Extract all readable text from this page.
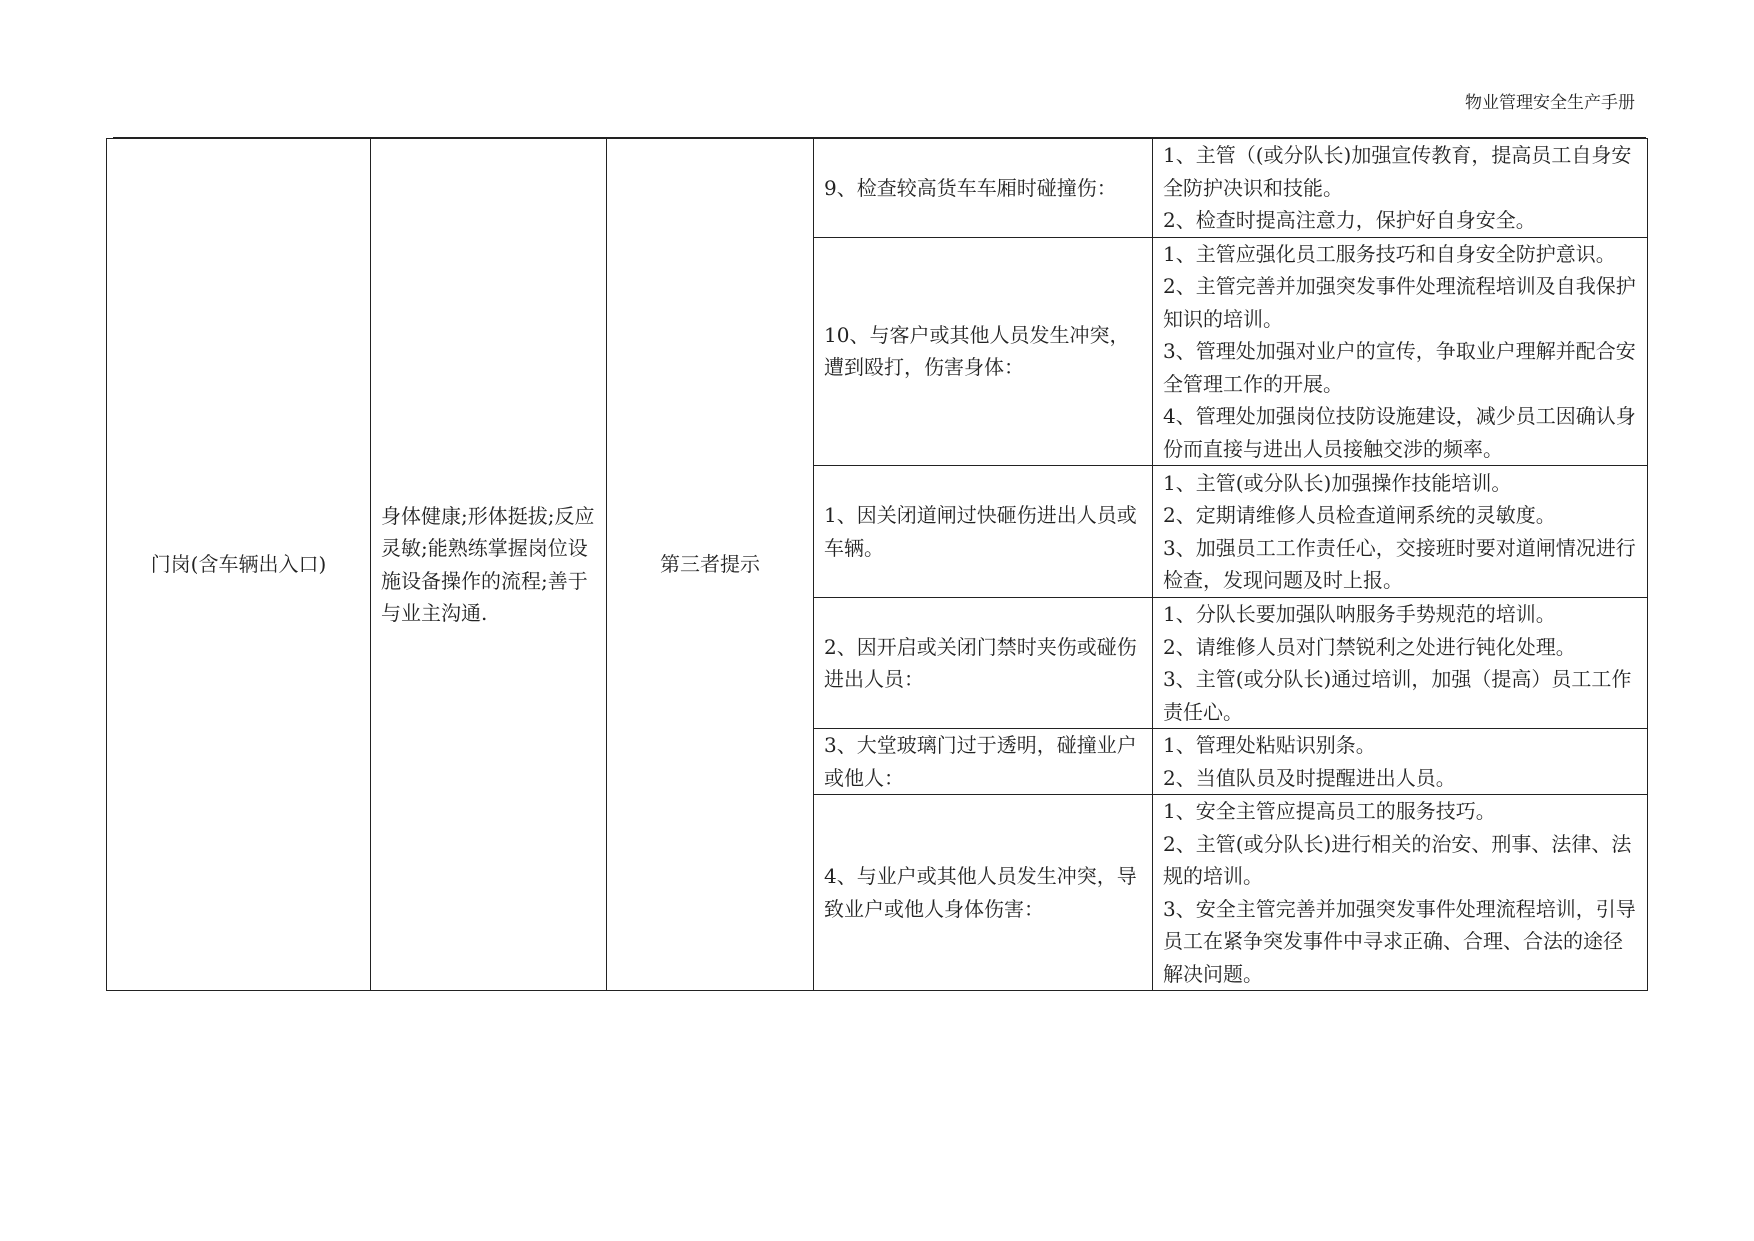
物业管理安全生产手册
门岗(含车辆出入口)	身体健康;形体挺拔;反应灵敏;能熟练掌握岗位设施设备操作的流程;善于与业主沟通.	第三者提示	9、检查较高货车车厢时碰撞伤：	1、主管（(或分队长)加强宣传教育，提高员工自身安全防护决识和技能。
2、检查时提高注意力，保护好自身安全。

			10、与客户或其他人员发生冲突，遭到殴打，伤害身体：	1、主管应强化员工服务技巧和自身安全防护意识。
2、主管完善并加强突发事件处理流程培训及自我保护知识的培训。
3、管理处加强对业户的宣传，争取业户理解并配合安全管理工作的开展。
4、管理处加强岗位技防设施建设，减少员工因确认身份而直接与进出人员接触交涉的频率。

			1、因关闭道闸过快砸伤进出人员或车辆。	1、主管(或分队长)加强操作技能培训。
2、定期请维修人员检查道闸系统的灵敏度。
3、加强员工工作责任心，交接班时要对道闸情况进行检查，发现问题及时上报。

			2、因开启或关闭门禁时夹伤或碰伤进出人员：	1、分队长要加强队呐服务手势规范的培训。
2、请维修人员对门禁锐利之处进行钝化处理。
3、主管(或分队长)通过培训，加强（提高）员工工作责任心。

			3、大堂玻璃门过于透明，碰撞业户或他人：	1、管理处粘贴识别条。
2、当值队员及时提醒进出人员。

			4、与业户或其他人员发生冲突，导致业户或他人身体伤害：	1、安全主管应提高员工的服务技巧。
2、主管(或分队长)进行相关的治安、刑事、法律、法规的培训。
3、安全主管完善并加强突发事件处理流程培训，引导员工在紧争突发事件中寻求正确、合理、合法的途径解决问题。
